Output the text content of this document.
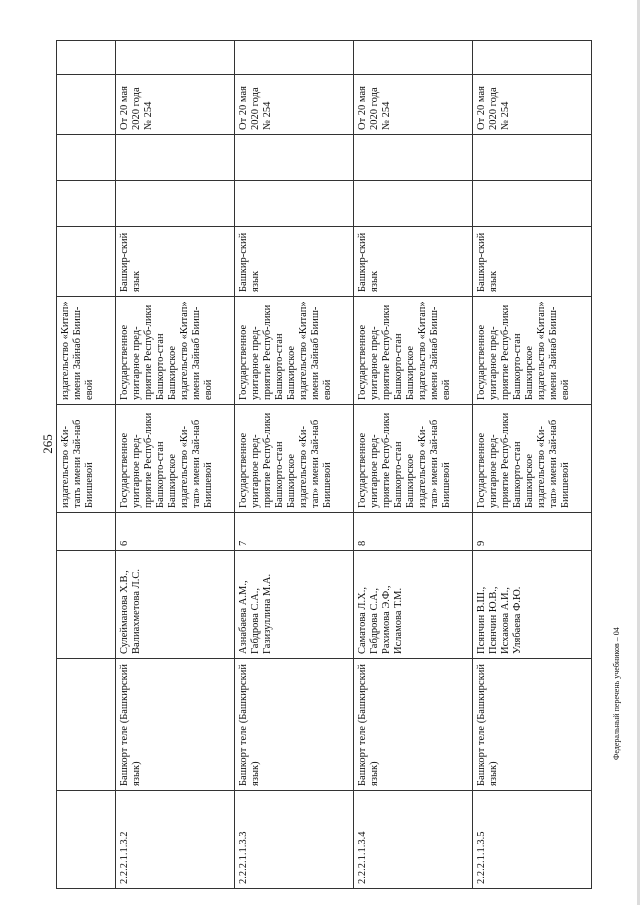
265
				издательство «Ки-тапъ имени Зай-наб Биишевой	издательство «Китап» имени Зайнаб Бииш-евой					
2.2.2.1.1.3.2	Башкорт теле (Башкирский язык)	Сулейманова Х.В., Валиахметова Л.С.	6	Государственное унитарное пред-приятие Респуб-лики Башкорто-стан Башкирское издательство «Ки-тап» имени Зай-наб Биишевой	Государственное унитарное пред-приятие Респуб-лики Башкорто-стан Башкирское издательство «Китап» имени Зайнаб Бииш-евой	Башкир-ский язык			От 20 мая 2020 года № 254	
2.2.2.1.1.3.3	Башкорт теле (Башкирский язык)	Азнабаева А.М., Габдрова С.А., Газизуллина М.А.	7	Государственное унитарное пред-приятие Респуб-лики Башкорто-стан Башкирское издательство «Ки-тап» имени Зай-наб Биишевой	Государственное унитарное пред-приятие Респуб-лики Башкорто-стан Башкирское издательство «Китап» имени Зайнаб Бииш-евой	Башкир-ский язык			От 20 мая 2020 года № 254	
2.2.2.1.1.3.4	Башкорт теле (Башкирский язык)	Саматова Л.Х., Габдрова С.А., Рахимова Э.Ф., Исламова Т.М.	8	Государственное унитарное пред-приятие Респуб-лики Башкорто-стан Башкирское издательство «Ки-тап» имени Зай-наб Биишевой	Государственное унитарное пред-приятие Респуб-лики Башкорто-стан Башкирское издательство «Китап» имени Зайнаб Бииш-евой	Башкир-ский язык			От 20 мая 2020 года № 254	
2.2.2.1.1.3.5	Башкорт теле (Башкирский язык)	Псянчин В.Ш., Псянчин Ю.В., Исхакова А.И., Улябаева Ф.Ю.	9	Государственное унитарное пред-приятие Респуб-лики Башкорто-стан Башкирское издательство «Ки-тап» имени Зай-наб Биишевой	Государственное унитарное пред-приятие Респуб-лики Башкорто-стан Башкирское издательство «Китап» имени Зайнаб Бииш-евой	Башкир-ский язык			От 20 мая 2020 года № 254	
Федеральный перечень учебников – 04
